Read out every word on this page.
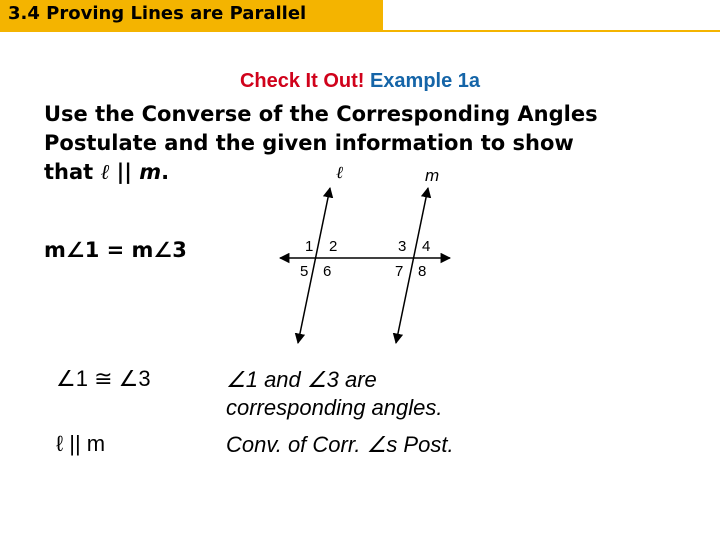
3.4 Proving Lines are Parallel
Check It Out! Example 1a
Use the Converse of the Corresponding Angles
Postulate and the given information to show
that ℓ || m.
m∠1 = m∠3
ℓ	m
1 2	3 4
5 6	7 8
∠1 ≅ ∠3	∠1 and ∠3 are
corresponding angles.
ℓ || m	Conv. of Corr. ∠s Post.
